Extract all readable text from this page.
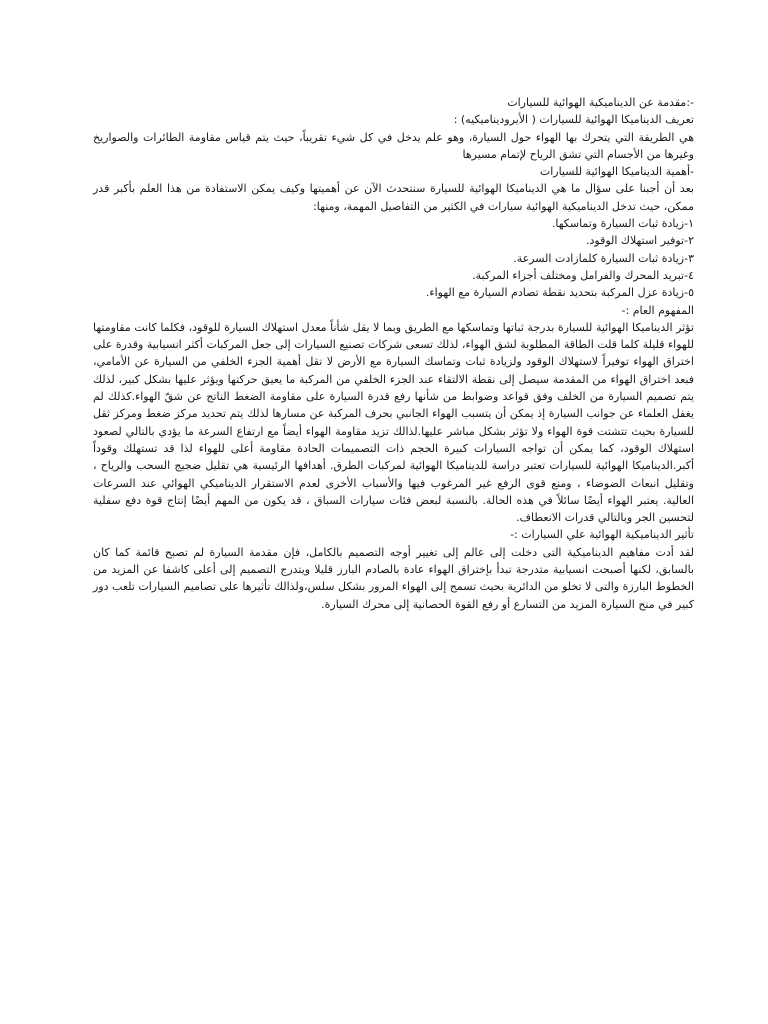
-:مقدمة عن الديناميكية الهوائية للسيارات

تعريف الديناميكا الهوائية للسيارات ( الأيروديناميكيه) :

هي الطريقة التي يتحرك بها الهواء حول السيارة، وهو علم يدخل في كل شيء تقريباً، حيث يتم قياس مقاومة الطائرات والصواريخ وغيرها من الأجسام التي تشق الرياح لإتمام مسيرها

-أهمية الديناميكا الهوائية للسيارات

بعد أن أجبنا على سؤال ما هي الديناميكا الهوائية للسيارة سنتحدث الآن عن أهميتها وكيف يمكن الاستفادة من هذا العلم بأكبر قدر ممكن، حيث تدخل الديناميكية الهوائية سيارات في الكثير من التفاصيل المهمة، ومنها:

١-زيادة ثبات السيارة وتماسكها.

٢-توفير استهلاك الوقود.

٣-زيادة ثبات السيارة كلمازادت السرعة.

٤-تبريد المحرك والفرامل ومختلف أجزاء المركبة.

٥-زيادة عزل المركبة بتحديد نقطة تصادم السيارة مع الهواء.

المفهوم العام :-

تؤثر الديناميكا الهوائية للسيارة بدرجة ثباتها وتماسكها مع الطريق وبما لا يقل شأناً معدل استهلاك السيارة للوقود، فكلما كانت مقاومتها للهواء قليلة كلما قلت الطاقة المطلوبة لشق الهواء، لذلك تسعى شركات تصنيع السيارات إلى جعل المركبات أكثر انسيابية وقدرة على اختراق الهواء توفيراً لاستهلاك الوقود ولزيادة ثبات وتماسك السيارة مع الأرض لا تقل أهمية الجزء الخلفي من السيارة عن الأمامي، فبعد اختراق الهواء من المقدمة سيصل إلى نقطة الالتقاء عند الجزء الخلفي من المركبة ما يعيق حركتها ويؤثر عليها بشكل كبير، لذلك يتم تصميم السيارة من الخلف وفق قواعد وضوابط من شأنها رفع قدرة السيارة على مقاومة الضغط الناتج عن شقّ الهواء.كذلك لم يغفل العلماء عن جوانب السيارة إذ يمكن أن يتسبب الهواء الجانبي بحرف المركبة عن مسارها لذلك يتم تحديد مركز ضغط ومركز ثقل للسيارة بحيث تتشتت قوة الهواء ولا تؤثر بشكل مباشر عليها.لذالك تزيد مقاومة الهواء أيضاً مع ارتفاع السرعة ما يؤدي بالتالي لصعود استهلاك الوقود، كما يمكن أن تواجه السيارات كبيرة الحجم ذات التصميمات الحادة مقاومة أعلى للهواء لذا قد تستهلك وقوداً أكبر.الديناميكا الهوائية للسيارات تعتبر دراسة للديناميكا الهوائية لمركبات الطرق. أهدافها الرئيسية هي تقليل ضجيج السحب والرياح ، وتقليل انبعاث الضوضاء ، ومنع قوى الرفع غير المرغوب فيها والأسباب الأخرى لعدم الاستقرار الديناميكي الهوائي عند السرعات العالية. يعتبر الهواء أيضًا سائلاً في هذه الحالة. بالنسبة لبعض فئات سيارات السباق ، قد يكون من المهم أيضًا إنتاج قوة دفع سفلية لتحسين الجر وبالتالي قدرات الانعطاف.

تأثير الديناميكية الهوائية علي السيارات :-

لقد أدت مفاهيم الديناميكية التى دخلت إلى عالم إلى تغيير أوجه التصميم بالكامل، فإن مقدمة السيارة لم تصبح قائمة كما كان بالسابق، لكنها أصبحت انسيابية متدرجة تبدأ بإختراق الهواء عادة بالصادم البارز قليلا ويتدرج التصميم إلى أعلى كاشفا عن المزيد من الخطوط البارزة والتى لا تخلو من الدائرية بحيث تسمح إلى الهواء المرور بشكل سلس،ولذالك تأثيرها على تصاميم السيارات تلعب دور كبير في منح السيارة المزيد من التسارع أو رفع القوة الحصانية إلى محرك السيارة.
